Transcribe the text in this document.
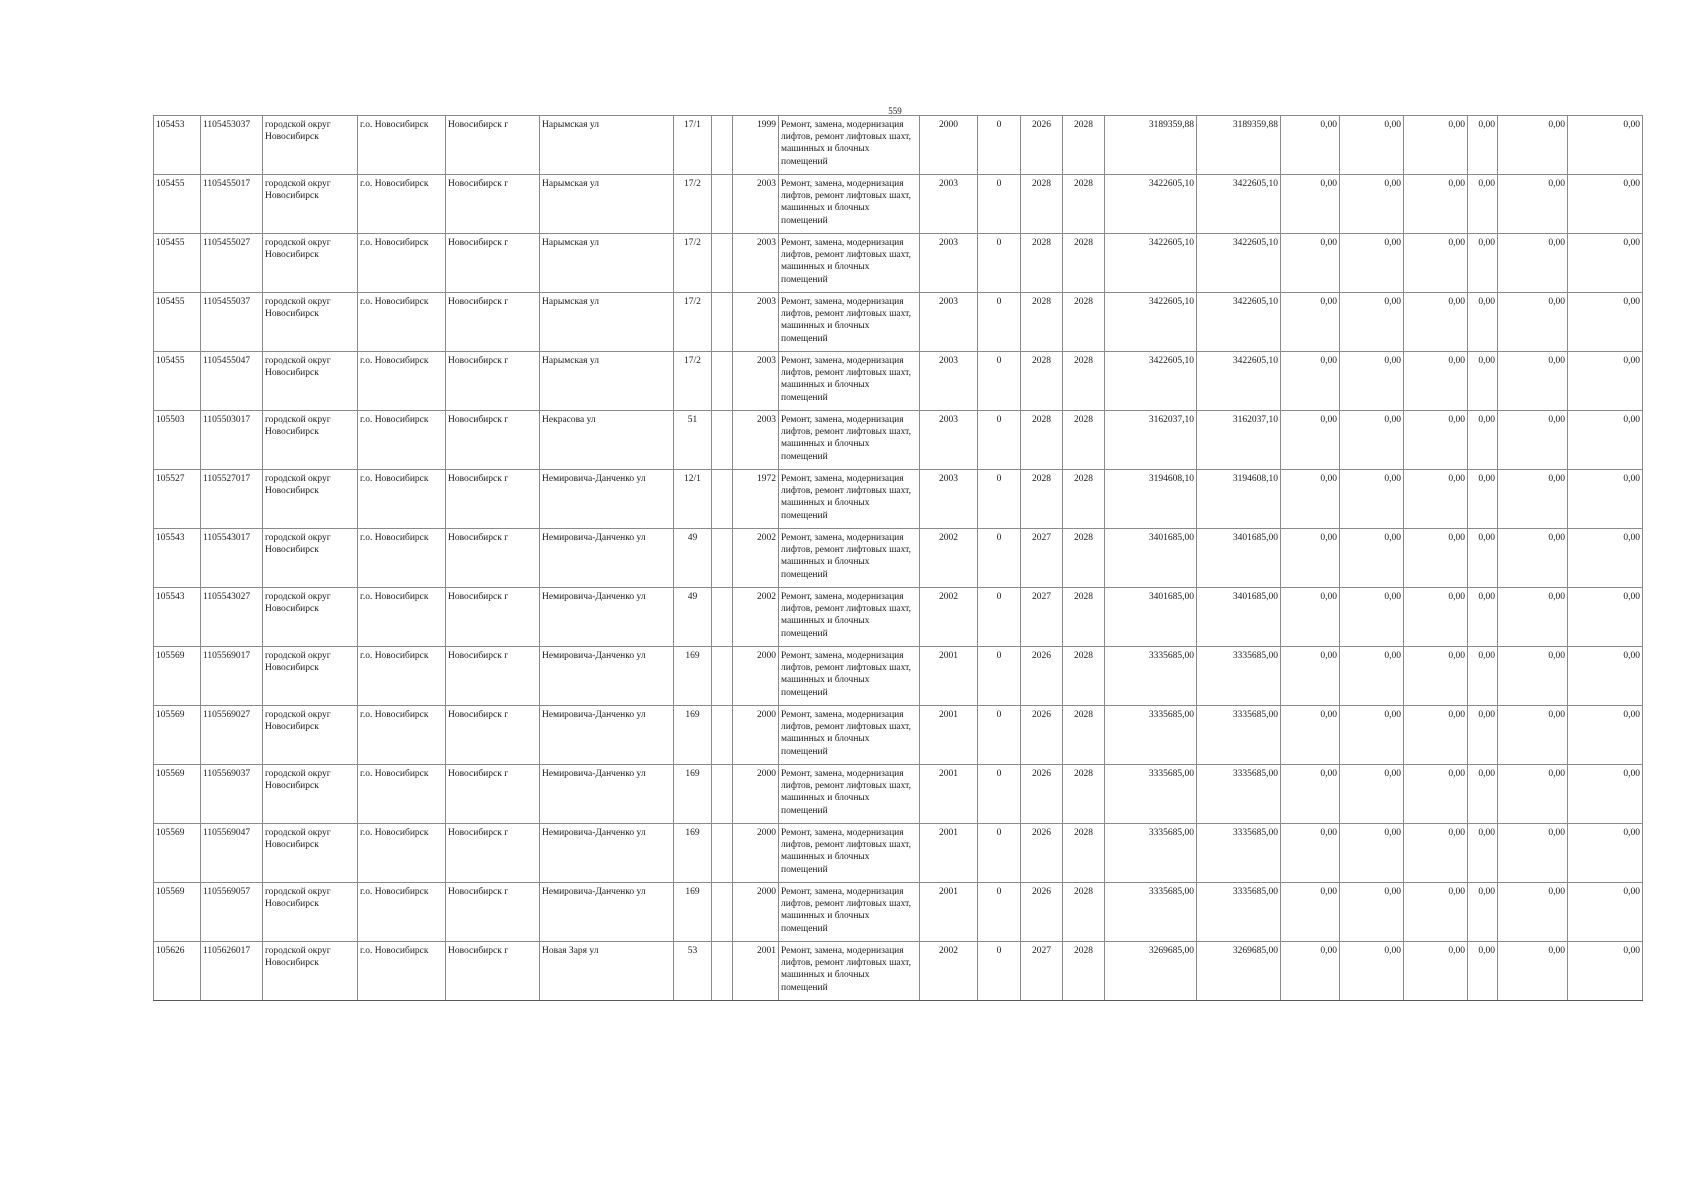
559
105453	1105453037	городской округ Новосибирск	г.о. Новосибирск	Новосибирск г	Нарымская ул	17/1		1999	Ремонт, замена, модернизация лифтов, ремонт лифтовых шахт, машинных и блочных помещений	2000	0	2026	2028	3189359,88	3189359,88	0,00	0,00	0,00	0,00	0,00	0,00
105455	1105455017	городской округ Новосибирск	г.о. Новосибирск	Новосибирск г	Нарымская ул	17/2		2003	Ремонт, замена, модернизация лифтов, ремонт лифтовых шахт, машинных и блочных помещений	2003	0	2028	2028	3422605,10	3422605,10	0,00	0,00	0,00	0,00	0,00	0,00
105455	1105455027	городской округ Новосибирск	г.о. Новосибирск	Новосибирск г	Нарымская ул	17/2		2003	Ремонт, замена, модернизация лифтов, ремонт лифтовых шахт, машинных и блочных помещений	2003	0	2028	2028	3422605,10	3422605,10	0,00	0,00	0,00	0,00	0,00	0,00
105455	1105455037	городской округ Новосибирск	г.о. Новосибирск	Новосибирск г	Нарымская ул	17/2		2003	Ремонт, замена, модернизация лифтов, ремонт лифтовых шахт, машинных и блочных помещений	2003	0	2028	2028	3422605,10	3422605,10	0,00	0,00	0,00	0,00	0,00	0,00
105455	1105455047	городской округ Новосибирск	г.о. Новосибирск	Новосибирск г	Нарымская ул	17/2		2003	Ремонт, замена, модернизация лифтов, ремонт лифтовых шахт, машинных и блочных помещений	2003	0	2028	2028	3422605,10	3422605,10	0,00	0,00	0,00	0,00	0,00	0,00
105503	1105503017	городской округ Новосибирск	г.о. Новосибирск	Новосибирск г	Некрасова ул	51		2003	Ремонт, замена, модернизация лифтов, ремонт лифтовых шахт, машинных и блочных помещений	2003	0	2028	2028	3162037,10	3162037,10	0,00	0,00	0,00	0,00	0,00	0,00
105527	1105527017	городской округ Новосибирск	г.о. Новосибирск	Новосибирск г	Немировича-Данченко ул	12/1		1972	Ремонт, замена, модернизация лифтов, ремонт лифтовых шахт, машинных и блочных помещений	2003	0	2028	2028	3194608,10	3194608,10	0,00	0,00	0,00	0,00	0,00	0,00
105543	1105543017	городской округ Новосибирск	г.о. Новосибирск	Новосибирск г	Немировича-Данченко ул	49		2002	Ремонт, замена, модернизация лифтов, ремонт лифтовых шахт, машинных и блочных помещений	2002	0	2027	2028	3401685,00	3401685,00	0,00	0,00	0,00	0,00	0,00	0,00
105543	1105543027	городской округ Новосибирск	г.о. Новосибирск	Новосибирск г	Немировича-Данченко ул	49		2002	Ремонт, замена, модернизация лифтов, ремонт лифтовых шахт, машинных и блочных помещений	2002	0	2027	2028	3401685,00	3401685,00	0,00	0,00	0,00	0,00	0,00	0,00
105569	1105569017	городской округ Новосибирск	г.о. Новосибирск	Новосибирск г	Немировича-Данченко ул	169		2000	Ремонт, замена, модернизация лифтов, ремонт лифтовых шахт, машинных и блочных помещений	2001	0	2026	2028	3335685,00	3335685,00	0,00	0,00	0,00	0,00	0,00	0,00
105569	1105569027	городской округ Новосибирск	г.о. Новосибирск	Новосибирск г	Немировича-Данченко ул	169		2000	Ремонт, замена, модернизация лифтов, ремонт лифтовых шахт, машинных и блочных помещений	2001	0	2026	2028	3335685,00	3335685,00	0,00	0,00	0,00	0,00	0,00	0,00
105569	1105569037	городской округ Новосибирск	г.о. Новосибирск	Новосибирск г	Немировича-Данченко ул	169		2000	Ремонт, замена, модернизация лифтов, ремонт лифтовых шахт, машинных и блочных помещений	2001	0	2026	2028	3335685,00	3335685,00	0,00	0,00	0,00	0,00	0,00	0,00
105569	1105569047	городской округ Новосибирск	г.о. Новосибирск	Новосибирск г	Немировича-Данченко ул	169		2000	Ремонт, замена, модернизация лифтов, ремонт лифтовых шахт, машинных и блочных помещений	2001	0	2026	2028	3335685,00	3335685,00	0,00	0,00	0,00	0,00	0,00	0,00
105569	1105569057	городской округ Новосибирск	г.о. Новосибирск	Новосибирск г	Немировича-Данченко ул	169		2000	Ремонт, замена, модернизация лифтов, ремонт лифтовых шахт, машинных и блочных помещений	2001	0	2026	2028	3335685,00	3335685,00	0,00	0,00	0,00	0,00	0,00	0,00
105626	1105626017	городской округ Новосибирск	г.о. Новосибирск	Новосибирск г	Новая Заря ул	53		2001	Ремонт, замена, модернизация лифтов, ремонт лифтовых шахт, машинных и блочных помещений	2002	0	2027	2028	3269685,00	3269685,00	0,00	0,00	0,00	0,00	0,00	0,00
